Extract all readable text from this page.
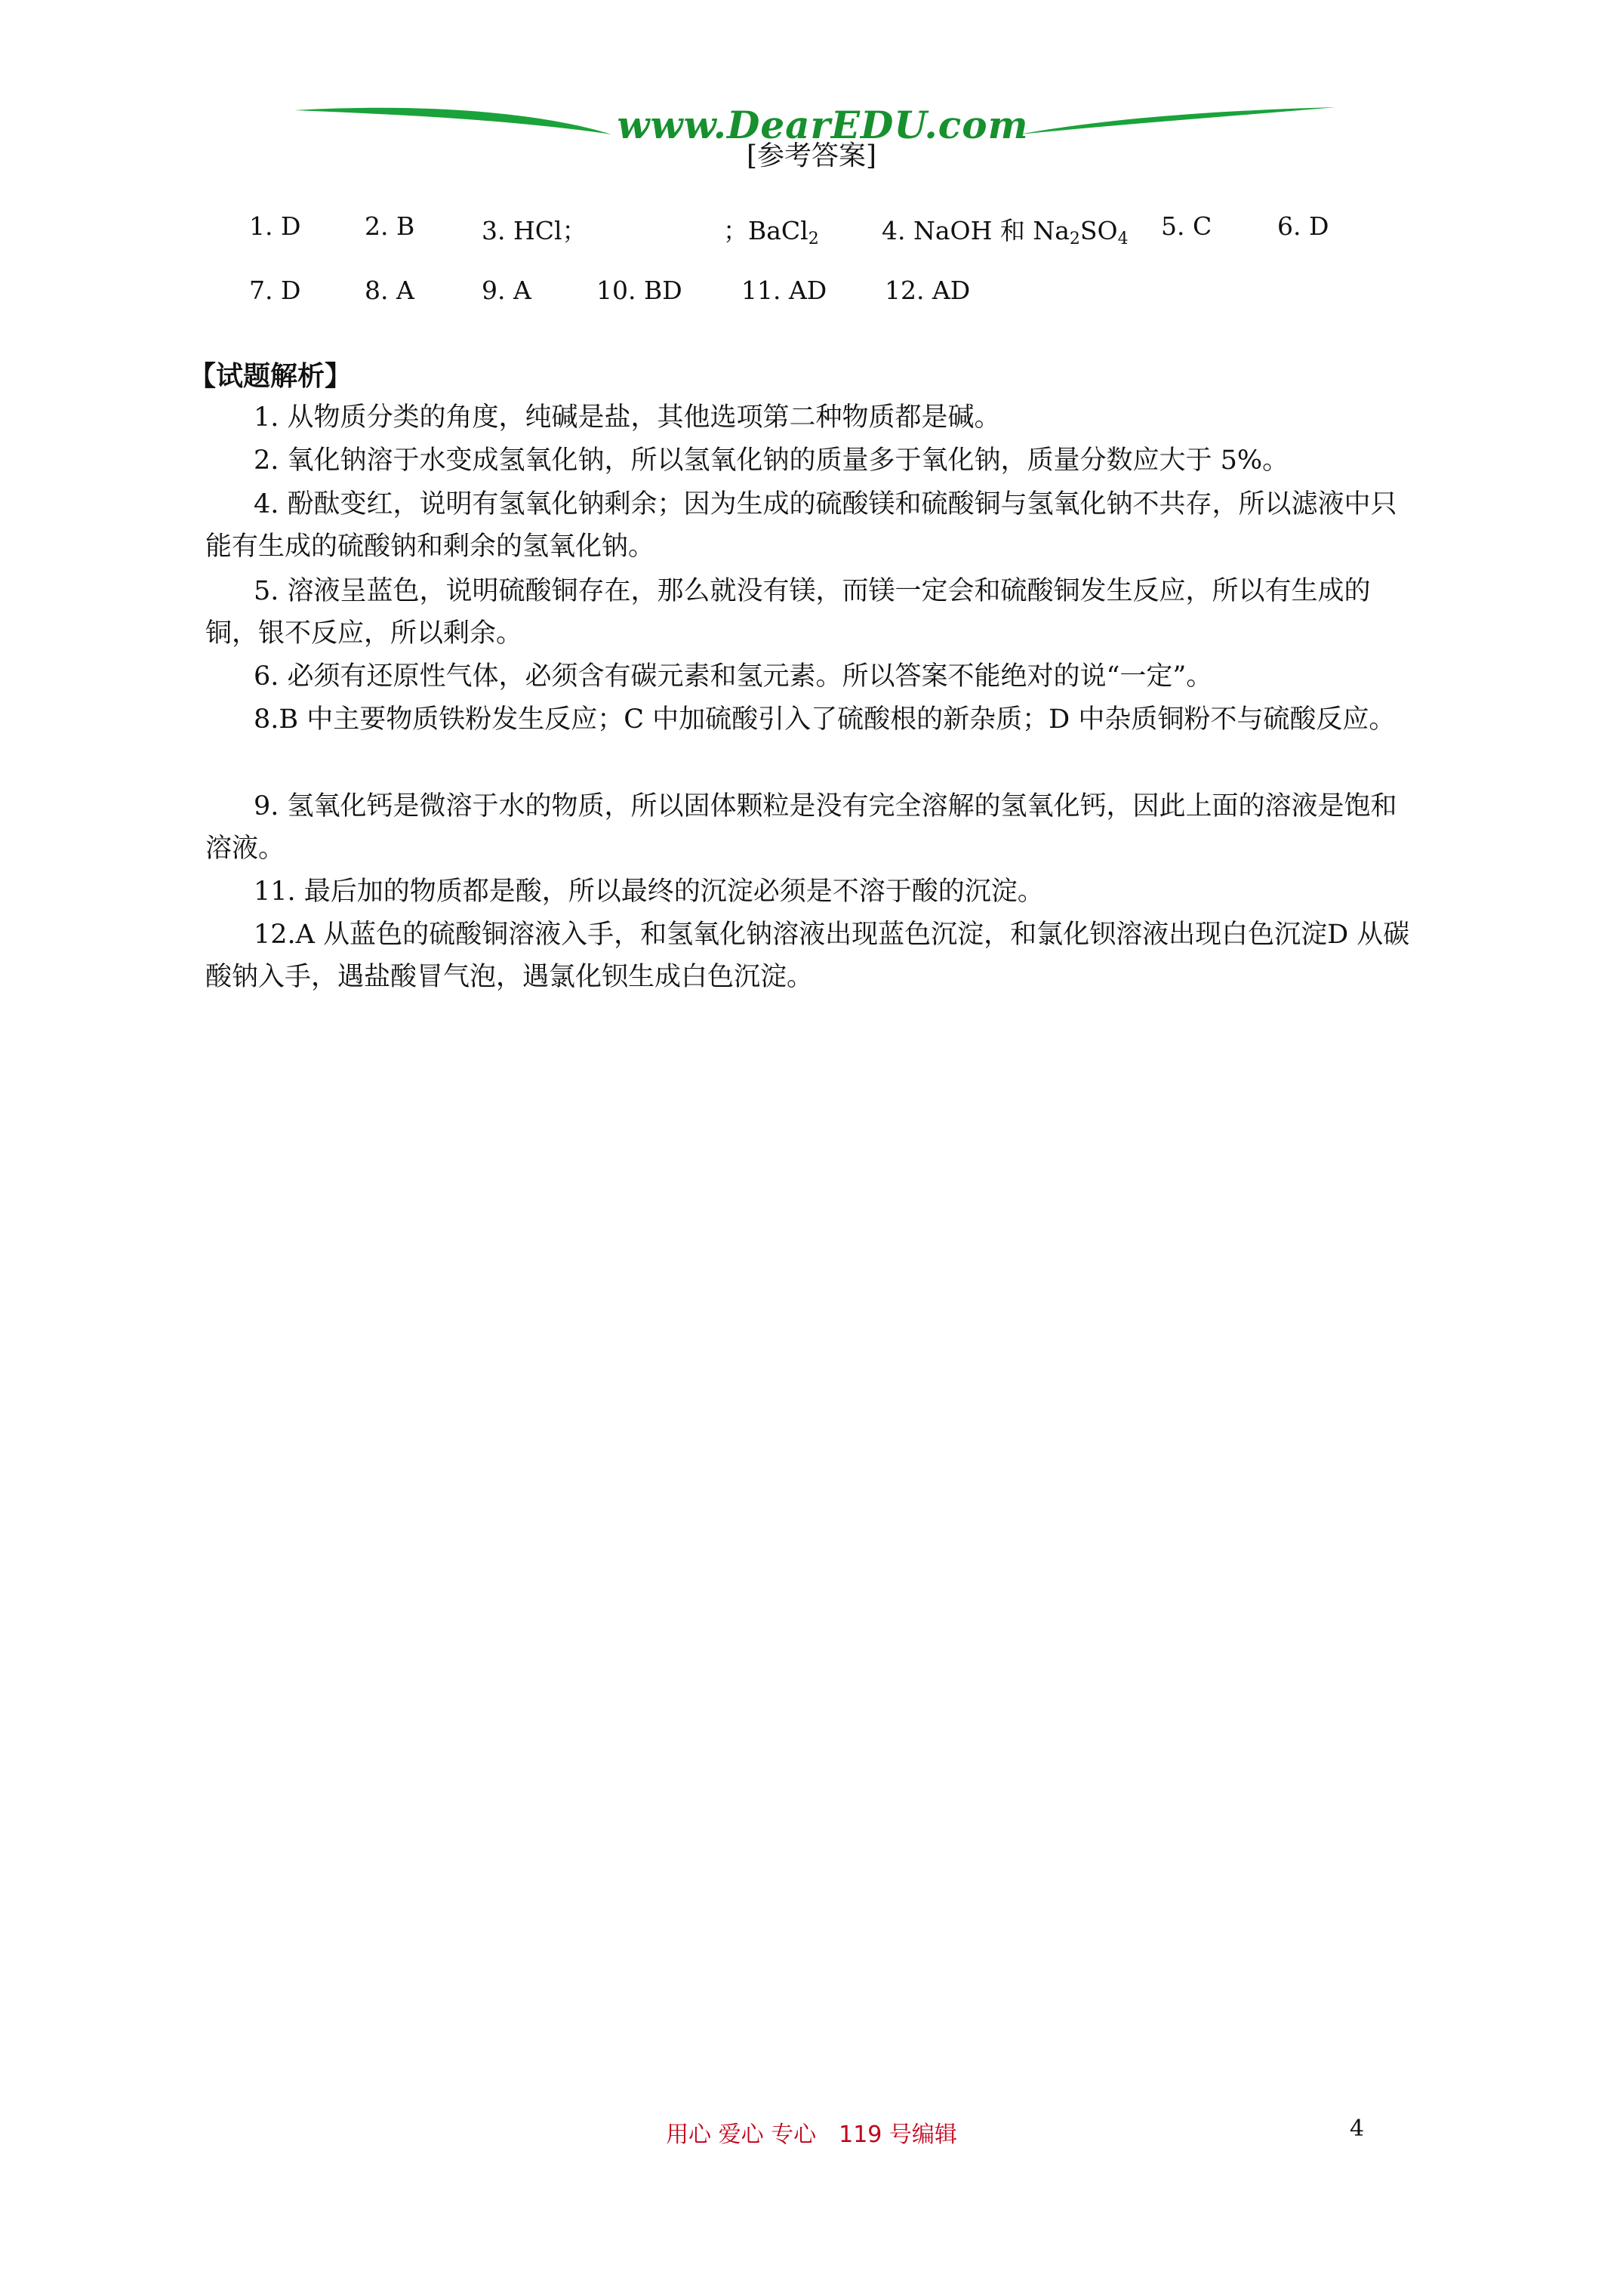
www.DearEDU.com
[参考答案]
1. D	2. B	3. HCl；	；BaCl$_2$	4. NaOH 和 $Na_2SO_4$ 5. C	6. D
7. D	8. A	9. A	10. BD 11. AD 12. AD
【试题解析】
1. 从物质分类的角度，纯碱是盐，其他选项第二种物质都是碱。
2. 氧化钠溶于水变成氢氧化钠，所以氢氧化钠的质量多于氧化钠，质量分数应大于 5%。
4. 酚酞变红，说明有氢氧化钠剩余；因为生成的硫酸镁和硫酸铜与氢氧化钠不共存，所以滤液中只能有生成的硫酸钠和剩余的氢氧化钠。
5. 溶液呈蓝色，说明硫酸铜存在，那么就没有镁，而镁一定会和硫酸铜发生反应，所以有生成的铜，银不反应，所以剩余。
6. 必须有还原性气体，必须含有碳元素和氢元素。所以答案不能绝对的说“一定”。
8.B 中主要物质铁粉发生反应；C 中加硫酸引入了硫酸根的新杂质；D 中杂质铜粉不与硫酸反应。
9. 氢氧化钙是微溶于水的物质，所以固体颗粒是没有完全溶解的氢氧化钙，因此上面的溶液是饱和溶液。
11. 最后加的物质都是酸，所以最终的沉淀必须是不溶于酸的沉淀。
12.A 从蓝色的硫酸铜溶液入手，和氢氧化钠溶液出现蓝色沉淀，和氯化钡溶液出现白色沉淀D 从碳酸钠入手，遇盐酸冒气泡，遇氯化钡生成白色沉淀。
用心 爱心 专心　119 号编辑	4
